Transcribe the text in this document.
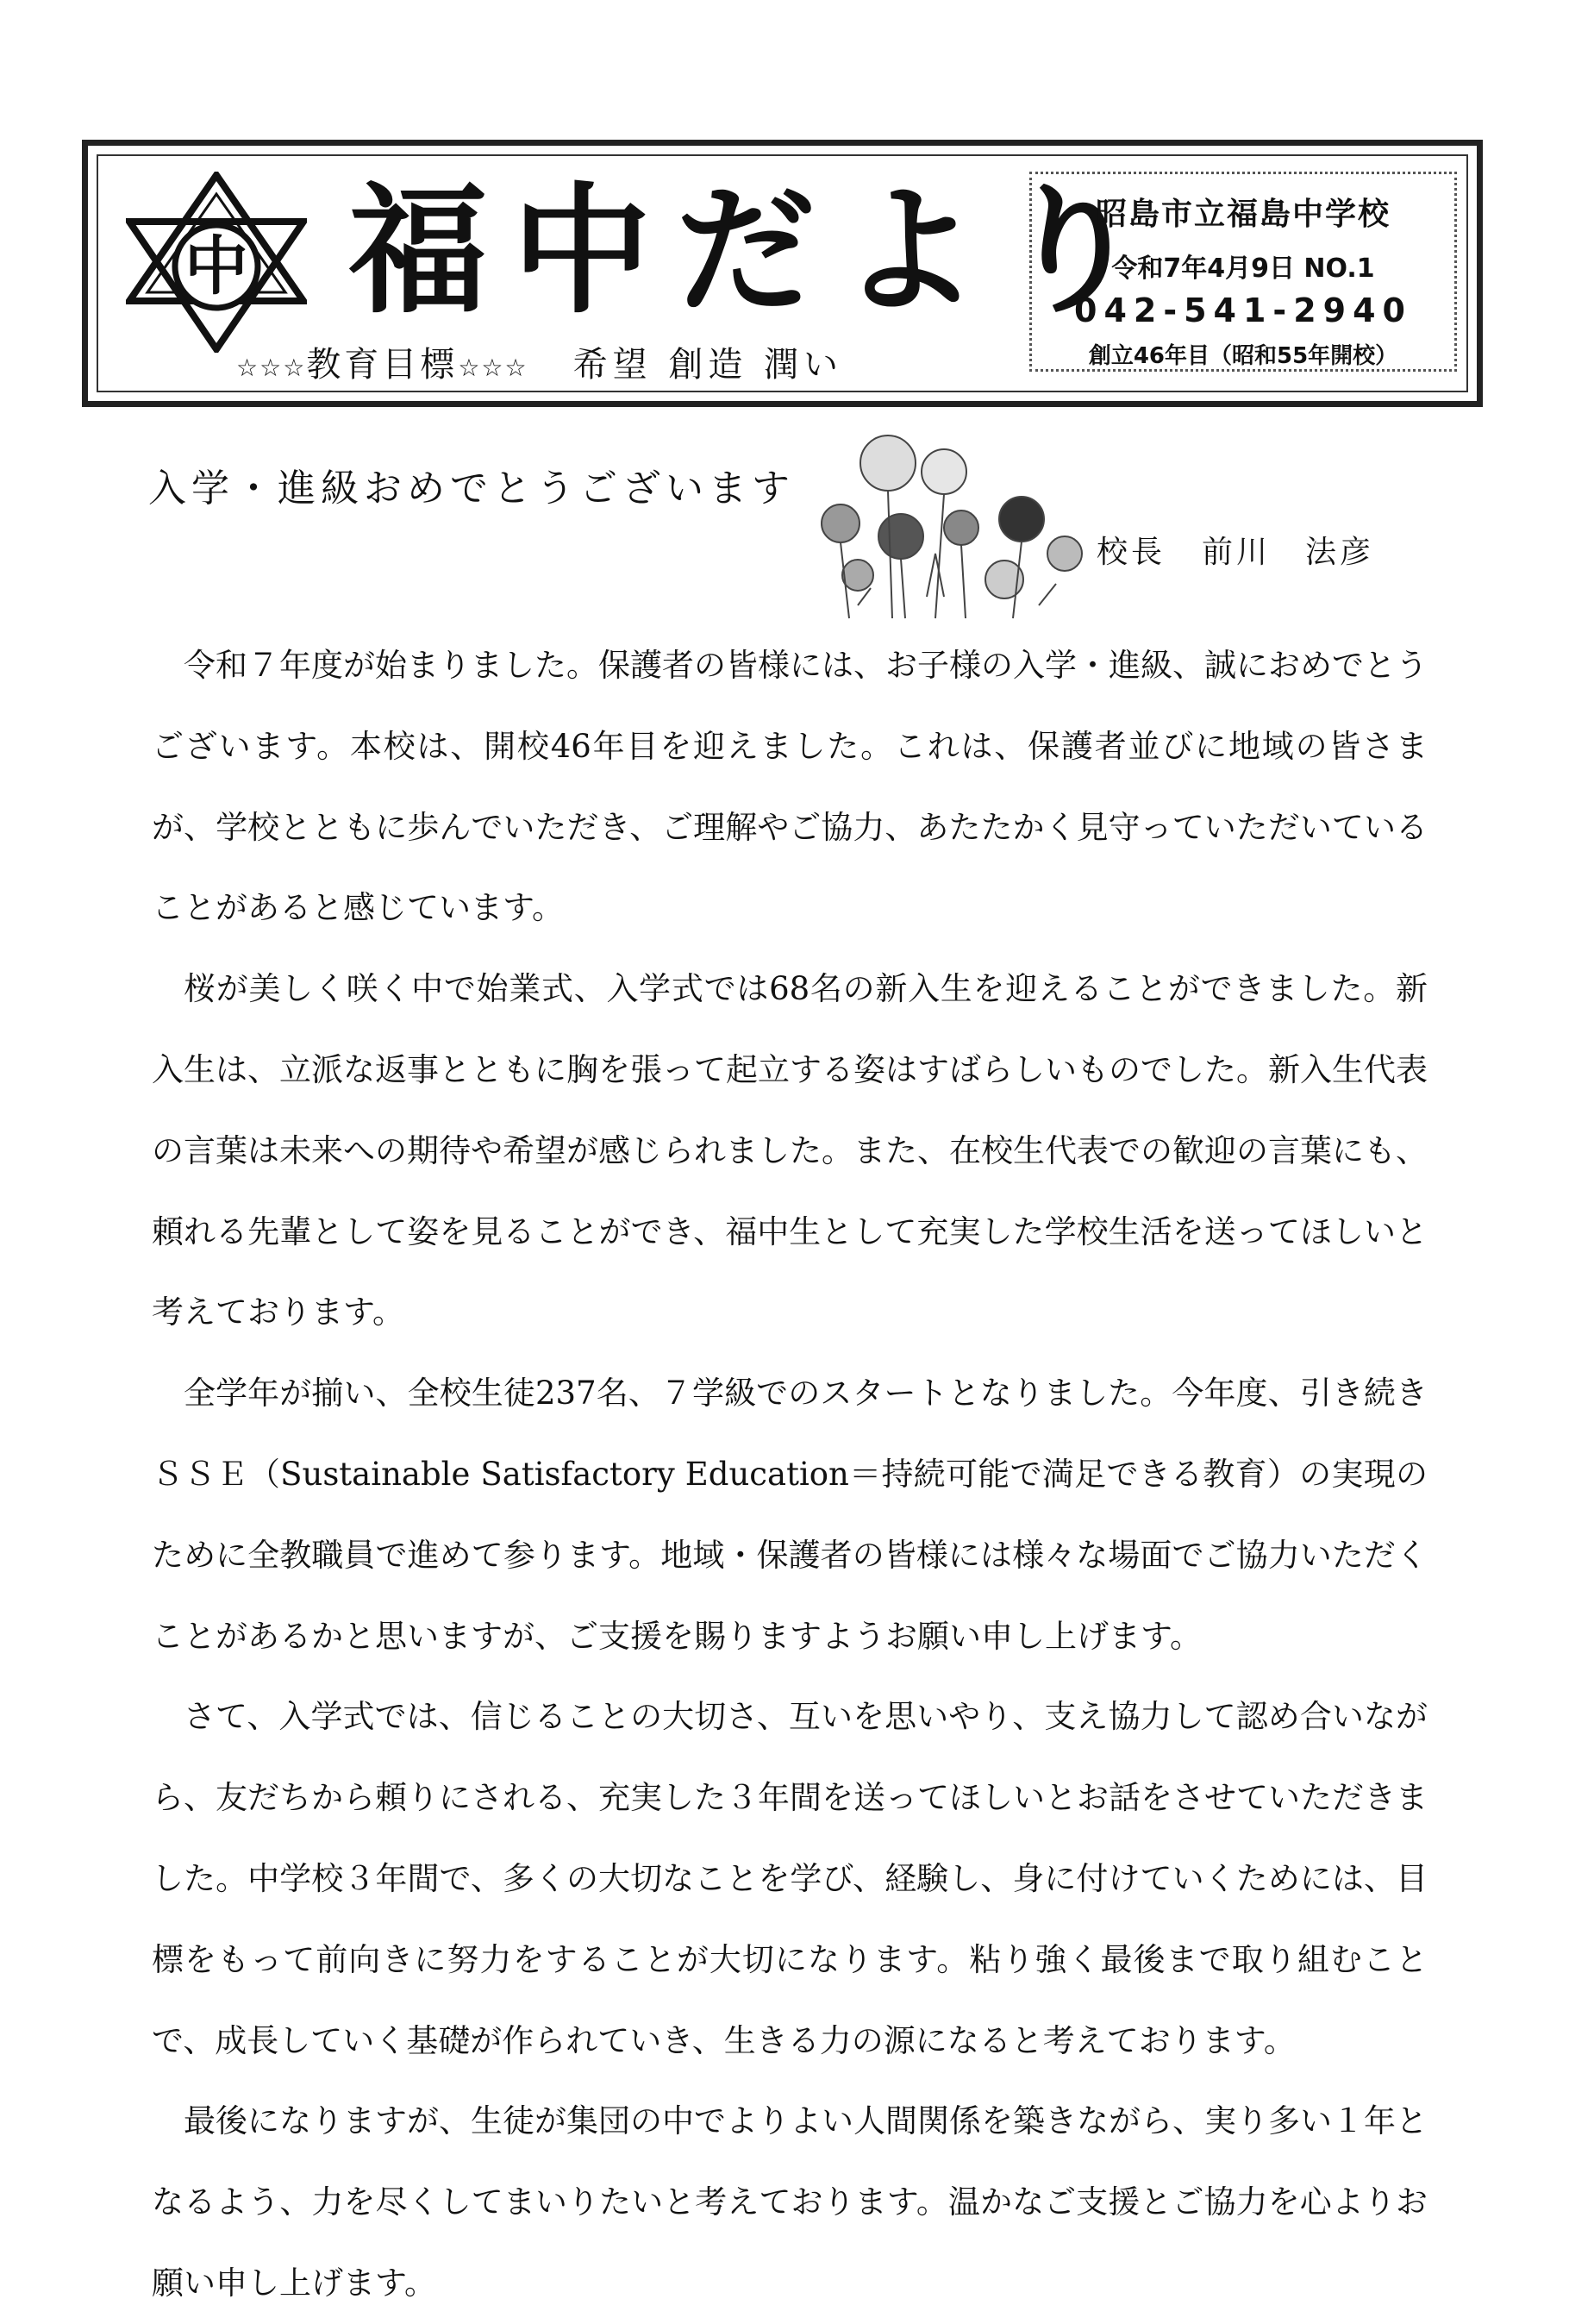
中 福中だより
☆☆☆教育目標☆☆☆ 希望 創造 潤い
昭島市立福島中学校
令和7年4月9日 NO.1
042-541-2940
創立46年目（昭和55年開校）
入学・進級おめでとうございます
校長 前川　法彦

令和７年度が始まりました。保護者の皆様には、お子様の入学・進級、誠におめでとうございます。本校は、開校46年目を迎えました。これは、保護者並びに地域の皆さまが、学校とともに歩んでいただき、ご理解やご協力、あたたかく見守っていただいていることがあると感じています。

桜が美しく咲く中で始業式、入学式では68名の新入生を迎えることができました。新入生は、立派な返事とともに胸を張って起立する姿はすばらしいものでした。新入生代表の言葉は未来への期待や希望が感じられました。また、在校生代表での歓迎の言葉にも、頼れる先輩として姿を見ることができ、福中生として充実した学校生活を送ってほしいと考えております。

全学年が揃い、全校生徒237名、７学級でのスタートとなりました。今年度、引き続きＳＳＥ（Sustainable Satisfactory Education＝持続可能で満足できる教育）の実現のために全教職員で進めて参ります。地域・保護者の皆様には様々な場面でご協力いただくことがあるかと思いますが、ご支援を賜りますようお願い申し上げます。

さて、入学式では、信じることの大切さ、互いを思いやり、支え協力して認め合いながら、友だちから頼りにされる、充実した３年間を送ってほしいとお話をさせていただきました。中学校３年間で、多くの大切なことを学び、経験し、身に付けていくためには、目標をもって前向きに努力をすることが大切になります。粘り強く最後まで取り組むことで、成長していく基礎が作られていき、生きる力の源になると考えております。

最後になりますが、生徒が集団の中でよりよい人間関係を築きながら、実り多い１年となるよう、力を尽くしてまいりたいと考えております。温かなご支援とご協力を心よりお願い申し上げます。
